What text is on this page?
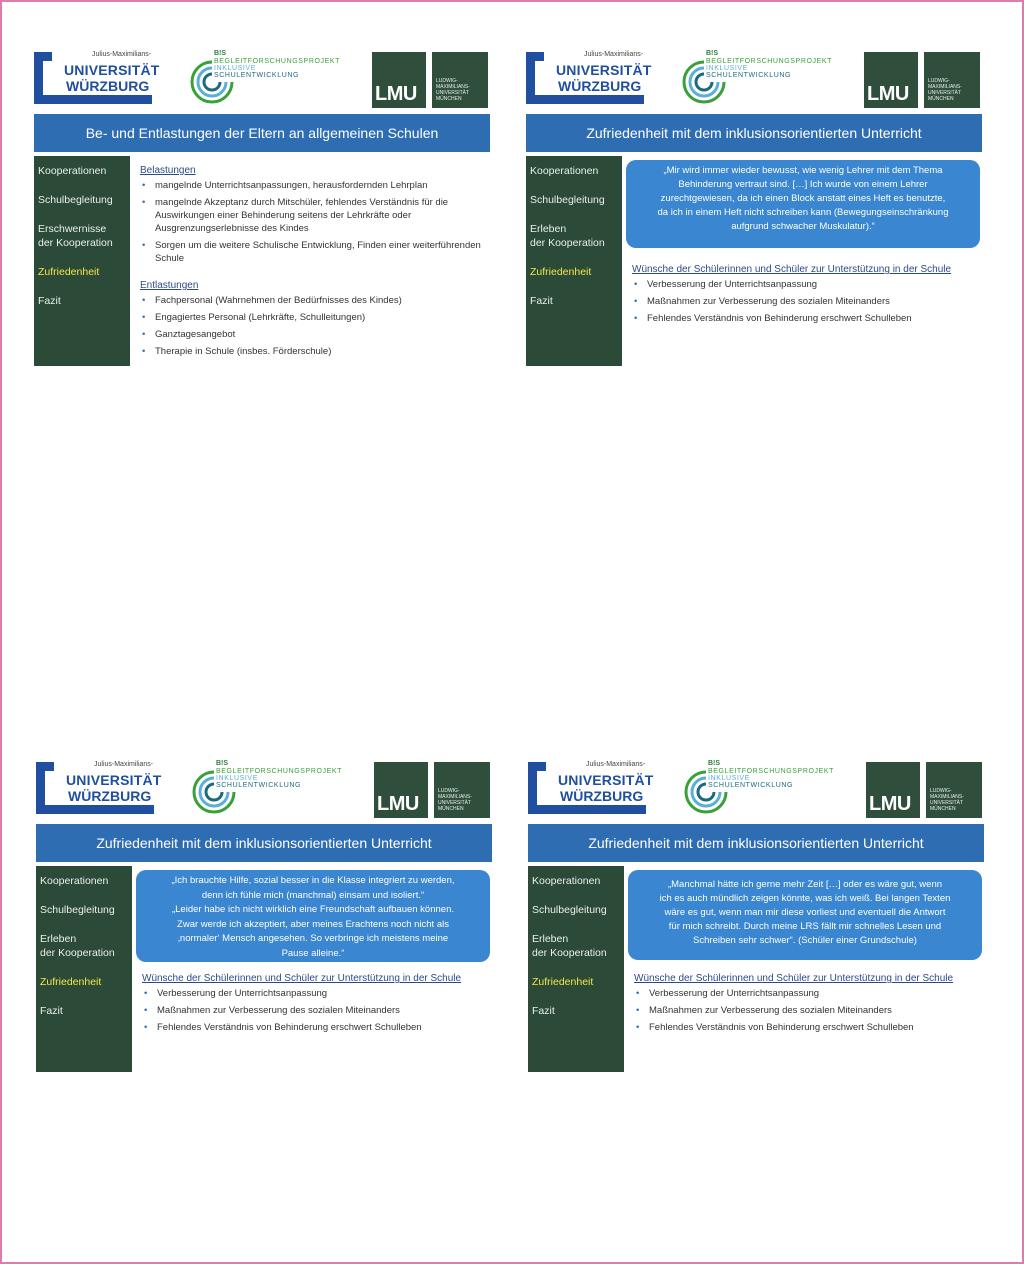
Julius-Maximilians-
UNIVERSITÄT
WÜRZBURG
B!S
BEGLEITFORSCHUNGSPROJEKT
INKLUSIVE
SCHULENTWICKLUNG
LMU
LUDWIG-
MAXIMILIANS-
UNIVERSITÄT
MÜNCHEN
Be- und Entlastungen der Eltern an allgemeinen Schulen
Kooperationen
Schulbegleitung
Erschwernisse
der Kooperation
Zufriedenheit
Fazit
Belastungen
• mangelnde Unterrichtsanpassungen, herausfordernden Lehrplan
• mangelnde Akzeptanz durch Mitschüler, fehlendes Verständnis für die Auswirkungen einer Behinderung seitens der Lehrkräfte oder Ausgrenzungserlebnisse des Kindes
• Sorgen um die weitere Schulische Entwicklung, Finden einer weiterführenden Schule
Entlastungen
• Fachpersonal (Wahrnehmen der Bedürfnisses des Kindes)
• Engagiertes Personal (Lehrkräfte, Schulleitungen)
• Ganztagesangebot
• Therapie in Schule (insbes. Förderschule)
Julius-Maximilians-
UNIVERSITÄT
WÜRZBURG
B!S
BEGLEITFORSCHUNGSPROJEKT
INKLUSIVE
SCHULENTWICKLUNG
LMU
LUDWIG-
MAXIMILIANS-
UNIVERSITÄT
MÜNCHEN
Zufriedenheit mit dem inklusionsorientierten Unterricht
Kooperationen
Schulbegleitung
Erleben
der Kooperation
Zufriedenheit
Fazit
„Mir wird immer wieder bewusst, wie wenig Lehrer mit dem Thema
Behinderung vertraut sind. […] Ich wurde von einem Lehrer
zurechtgewiesen, da ich einen Block anstatt eines Heft es benutzte,
da ich in einem Heft nicht schreiben kann (Bewegungseinschränkung
aufgrund schwacher Muskulatur).“
Wünsche der Schülerinnen und Schüler zur Unterstützung in der Schule
• Verbesserung der Unterrichtsanpassung
• Maßnahmen zur Verbesserung des sozialen Miteinanders
• Fehlendes Verständnis von Behinderung erschwert Schulleben
Julius-Maximilians-
UNIVERSITÄT
WÜRZBURG
B!S
BEGLEITFORSCHUNGSPROJEKT
INKLUSIVE
SCHULENTWICKLUNG
LMU
LUDWIG-
MAXIMILIANS-
UNIVERSITÄT
MÜNCHEN
Zufriedenheit mit dem inklusionsorientierten Unterricht
Kooperationen
Schulbegleitung
Erleben
der Kooperation
Zufriedenheit
Fazit
„Ich brauchte Hilfe, sozial besser in die Klasse integriert zu werden,
denn ich fühle mich (manchmal) einsam und isoliert.“
„Leider habe ich nicht wirklich eine Freundschaft aufbauen können.
Zwar werde ich akzeptiert, aber meines Erachtens noch nicht als
‚normaler‘ Mensch angesehen. So verbringe ich meistens meine
Pause alleine.“
Wünsche der Schülerinnen und Schüler zur Unterstützung in der Schule
• Verbesserung der Unterrichtsanpassung
• Maßnahmen zur Verbesserung des sozialen Miteinanders
• Fehlendes Verständnis von Behinderung erschwert Schulleben
Julius-Maximilians-
UNIVERSITÄT
WÜRZBURG
B!S
BEGLEITFORSCHUNGSPROJEKT
INKLUSIVE
SCHULENTWICKLUNG
LMU
LUDWIG-
MAXIMILIANS-
UNIVERSITÄT
MÜNCHEN
Zufriedenheit mit dem inklusionsorientierten Unterricht
Kooperationen
Schulbegleitung
Erleben
der Kooperation
Zufriedenheit
Fazit
„Manchmal hätte ich gerne mehr Zeit […] oder es wäre gut, wenn
ich es auch mündlich zeigen könnte, was ich weiß. Bei langen Texten
wäre es gut, wenn man mir diese vorliest und eventuell die Antwort
für mich schreibt. Durch meine LRS fällt mir schnelles Lesen und
Schreiben sehr schwer“. (Schüler einer Grundschule)
Wünsche der Schülerinnen und Schüler zur Unterstützung in der Schule
• Verbesserung der Unterrichtsanpassung
• Maßnahmen zur Verbesserung des sozialen Miteinanders
• Fehlendes Verständnis von Behinderung erschwert Schulleben
